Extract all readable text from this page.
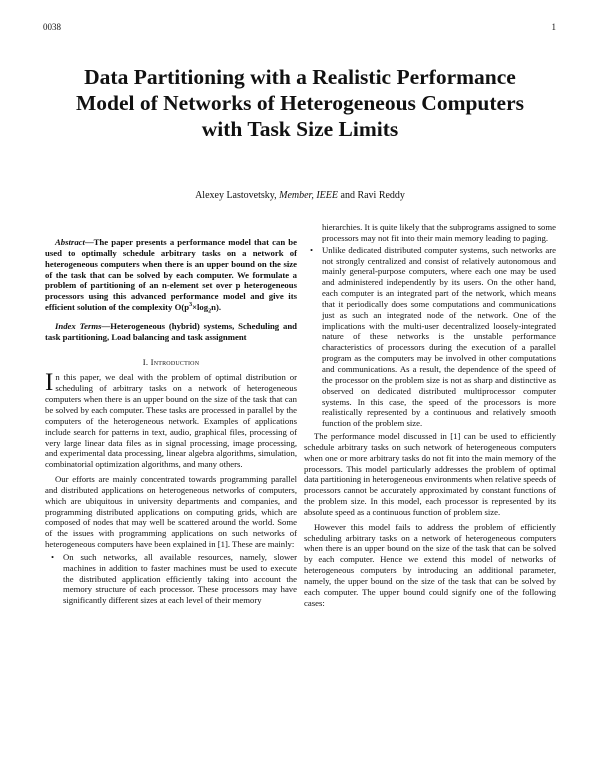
0038	1
Data Partitioning with a Realistic Performance Model of Networks of Heterogeneous Computers with Task Size Limits
Alexey Lastovetsky, Member, IEEE and Ravi Reddy

Abstract—The paper presents a performance model that can be used to optimally schedule arbitrary tasks on a network of heterogeneous computers when there is an upper bound on the size of the task that can be solved by each computer. We formulate a problem of partitioning of an n-element set over p heterogeneous processors using this advanced performance model and give its efficient solution of the complexity $O(p^3\times\log_2n)$.

Index Terms—Heterogeneous (hybrid) systems, Scheduling and task partitioning, Load balancing and task assignment

I. Introduction

In this paper, we deal with the problem of optimal distribution or scheduling of arbitrary tasks on a network of heterogeneous computers when there is an upper bound on the size of the task that can be solved by each computer. These tasks are processed in parallel by the computers of the heterogeneous network. Examples of applications include search for patterns in text, audio, graphical files, processing of very large linear data files as in signal processing, image processing, and experimental data processing, linear algebra algorithms, simulation, combinatorial optimization algorithms, and many others.

Our efforts are mainly concentrated towards programming parallel and distributed applications on heterogeneous networks of computers, which are ubiquitous in university departments and companies, and programming distributed applications on computing grids, which are composed of nodes that may well be scattered around the world. Some of the issues with programming applications on such networks of heterogeneous computers have been explained in [1]. These are mainly:

• On such networks, all available resources, namely, slower machines in addition to faster machines must be used to execute the distributed application efficiently taking into account the memory structure of each processor. These processors may have significantly different sizes at each level of their memory

hierarchies. It is quite likely that the subprograms assigned to some processors may not fit into their main memory leading to paging.

• Unlike dedicated distributed computer systems, such networks are not strongly centralized and consist of relatively autonomous and mainly general-purpose computers, where each one may be used and administered independently by its users. On the other hand, each computer is an integrated part of the network, which means that it periodically does some computations and communications just as such an integrated node of the network. One of the implications with the multi-user decentralized loosely-integrated nature of these networks is the unstable performance characteristics of processors during the execution of a parallel program as the computers may be involved in other computations and communications. As a result, the dependence of the speed of the processor on the problem size is not as sharp and distinctive as observed on dedicated distributed multiprocessor computer systems. In this case, the speed of the processors is more realistically represented by a continuous and relatively smooth function of the problem size.

The performance model discussed in [1] can be used to efficiently schedule arbitrary tasks on such network of heterogeneous computers when one or more arbitrary tasks do not fit into the main memory of the processors. This model particularly addresses the problem of optimal data partitioning in heterogeneous environments when relative speeds of processors cannot be accurately approximated by constant functions of the problem size. In this model, each processor is represented by its absolute speed as a continuous function of problem size.

However this model fails to address the problem of efficiently scheduling arbitrary tasks on a network of heterogeneous computers when there is an upper bound on the size of the task that can be solved by each computer. Hence we extend this model of networks of heterogeneous computers by introducing an additional parameter, namely, the upper bound on the size of the task that can be solved by each computer. The upper bound could signify one of the following cases:
